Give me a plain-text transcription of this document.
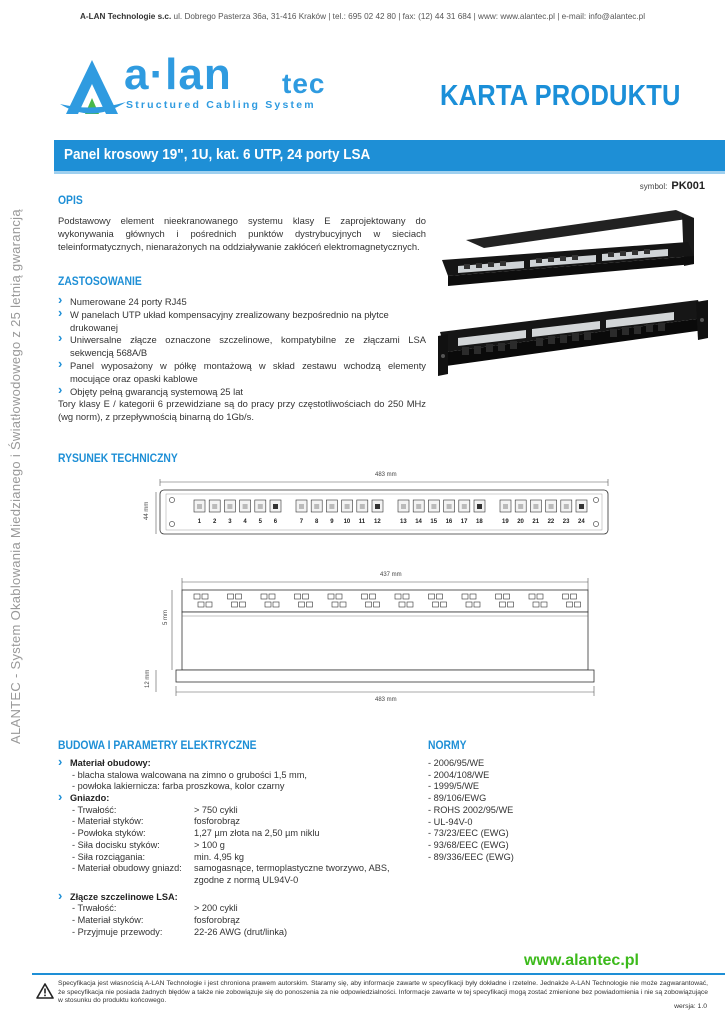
A-LAN Technologie s.c. ul. Dobrego Pasterza 36a, 31-416 Kraków | tel.: 695 02 42 80 | fax: (12) 44 31 684 | www: www.alantec.pl | e-mail: info@alantec.pl
a·lan tec
Structured Cabling System	KARTA PRODUKTU
Panel krosowy 19", 1U, kat. 6 UTP, 24 porty LSA
symbol: PK001
ALANTEC - System Okablowania Miedzianego i Światłowodowego z 25 letnią gwarancją
OPIS
Podstawowy element nieekranowanego systemu klasy E zaprojektowany do wykonywania głównych i pośrednich punktów dystrybucyjnych w sieciach teleinformatycznych, nienarażonych na oddziaływanie zakłóceń elektromagnetycznych.
ZASTOSOWANIE
› Numerowane 24 porty RJ45
› W panelach UTP układ kompensacyjny zrealizowany bezpośrednio na płytce drukowanej
› Uniwersalne złącze oznaczone szczelinowe, kompatybilne ze złączami LSA sekwencją 568A/B
› Panel wyposażony w półkę montażową w skład zestawu wchodzą elementy mocujące oraz opaski kablowe
› Objęty pełną gwarancją systemową 25 lat
Tory klasy E / kategorii 6 przewidziane są do pracy przy częstotliwościach do 250 MHz (wg norm), z przepływnością binarną do 1Gb/s.
RYSUNEK TECHNICZNY
483 mm
44 mm
1 2 3 4 5 6	7 8 9 10 11 12	13 14 15 16 17 18	19 20 21 22 23 24
437 mm
5 mm
12 mm
483 mm
BUDOWA I PARAMETRY ELEKTRYCZNE
› Materiał obudowy:
- blacha stalowa walcowana na zimno o grubości 1,5 mm,
- powłoka lakiernicza: farba proszkowa, kolor czarny
› Gniazdo:
- Trwałość:	> 750 cykli
- Materiał styków:	fosforobrąz
- Powłoka styków:	1,27 µm złota na 2,50 µm niklu
- Siła docisku styków:	> 100 g
- Siła rozciągania:	min. 4,95 kg
- Materiał obudowy gniazd: samogasnące, termoplastyczne tworzywo, ABS,
zgodne z normą UL94V-0
› Złącze szczelinowe LSA:
- Trwałość:	> 200 cykli
- Materiał styków:	fosforobrąz
- Przyjmuje przewody:	22-26 AWG (drut/linka)
NORMY
- 2006/95/WE
- 2004/108/WE
- 1999/5/WE
- 89/106/EWG
- ROHS 2002/95/WE
- UL-94V-0
- 73/23/EEC (EWG)
- 93/68/EEC (EWG)
- 89/336/EEC (EWG)
www.alantec.pl
Specyfikacja jest własnością A-LAN Technologie i jest chroniona prawem autorskim. Staramy się, aby informacje zawarte w specyfikacji były dokładne i rzetelne. Jednakże A-LAN Technologie nie może zagwarantować, że specyfikacja nie posiada żadnych błędów a także nie zobowiązuje się do ponoszenia za nie odpowiedzialności. Informacje zawarte w tej specyfikacji mogą zostać zmienione bez powiadomienia i nie są zobowiązujące w stosunku do produktu końcowego.
wersja: 1.0
